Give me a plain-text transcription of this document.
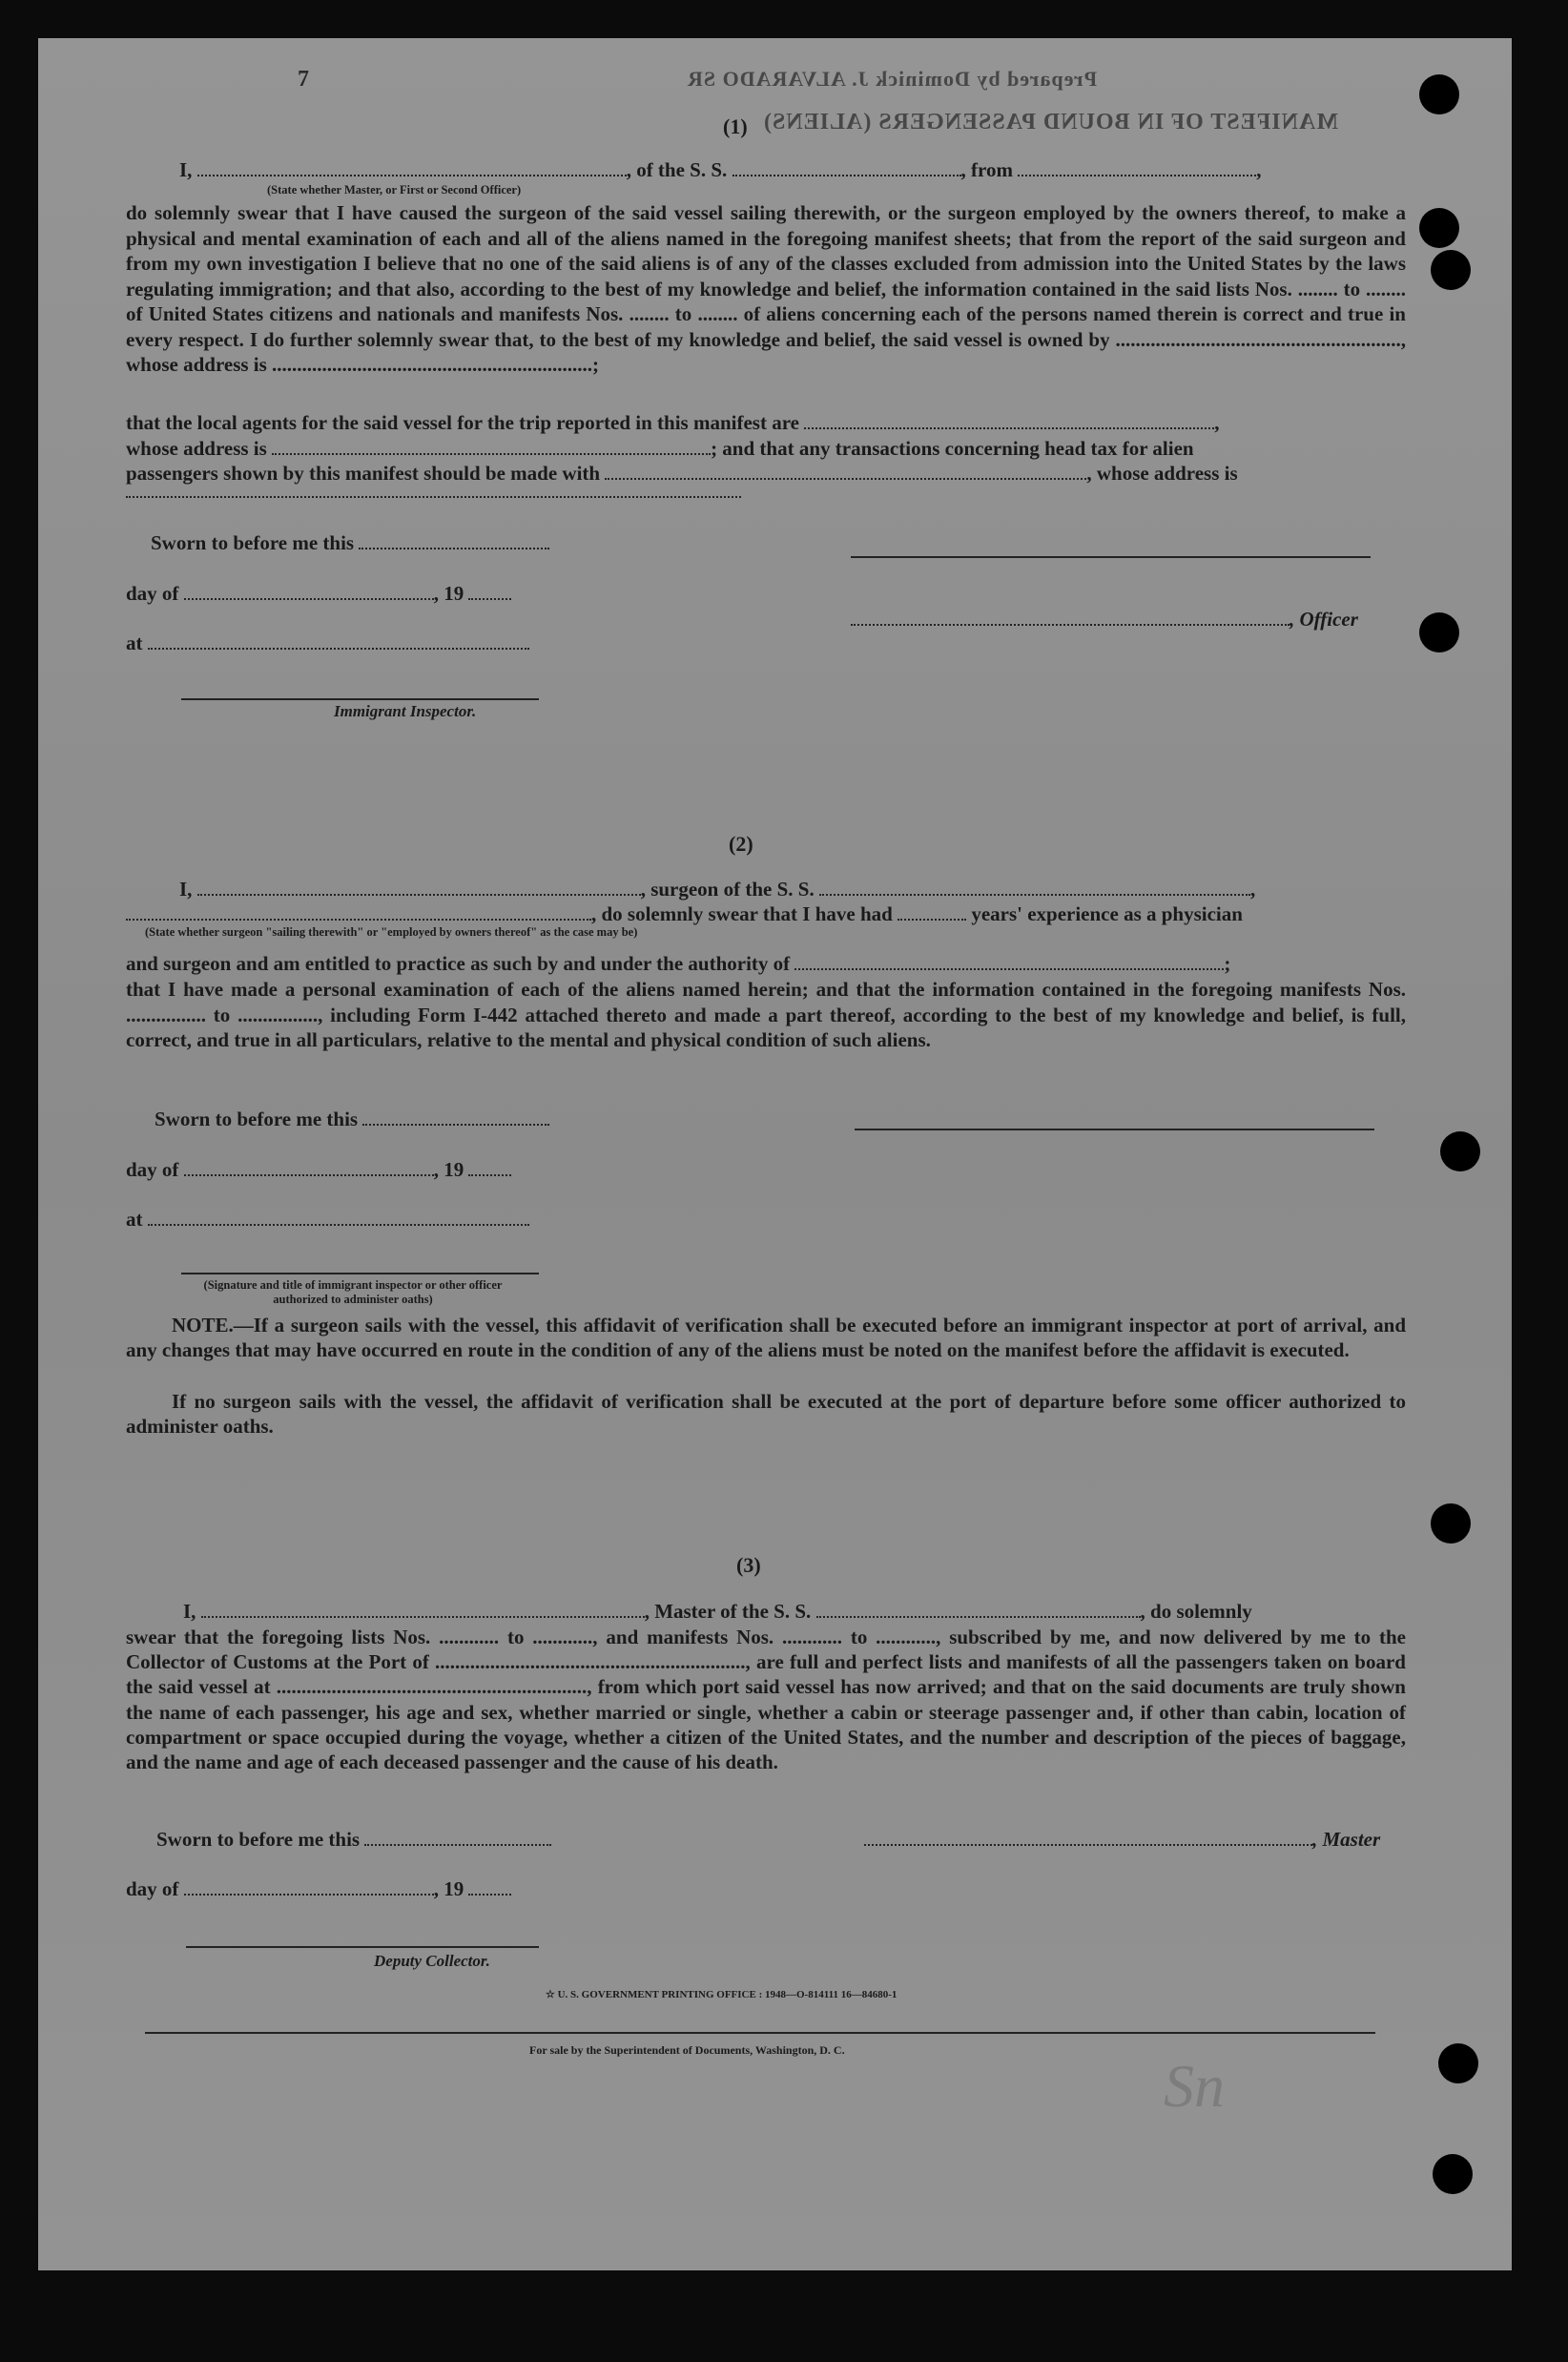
7	Prepared by Dominick J. ALVARADO SR
MANIFEST OF IN BOUND PASSENGERS (ALIENS)
(1)
I,	, of the S. S.	, from	,
(State whether Master, or First or Second Officer)
do solemnly swear that I have caused the surgeon of the said vessel sailing therewith, or the surgeon employed by the owners thereof, to make a physical and mental examination of each and all of the aliens named in the foregoing manifest sheets; that from the report of the said surgeon and from my own investigation I believe that no one of the said aliens is of any of the classes excluded from admission into the United States by the laws regulating immigration; and that also, according to the best of my knowledge and belief, the information contained in the said lists Nos. ........ to ........ of United States citizens and nationals and manifests Nos. ........ to ........ of aliens concerning each of the persons named therein is correct and true in every respect. I do further solemnly swear that, to the best of my knowledge and belief, the said vessel is owned by ........................................................., whose address is ................................................................;
that the local agents for the said vessel for the trip reported in this manifest are	,
whose address is	; and that any transactions concerning head tax for alien
passengers shown by this manifest should be made with	, whose address is
Sworn to before me this
day of	, 19
, Officer
at
Immigrant Inspector.
(2)
I,	, surgeon of the S. S.	,
, do solemnly swear that I have had	years' experience as a physician
(State whether surgeon "sailing therewith" or "employed by owners thereof" as the case may be)
and surgeon and am entitled to practice as such by and under the authority of	;
that I have made a personal examination of each of the aliens named herein; and that the information contained in the foregoing manifests Nos. ................ to ................, including Form I-442 attached thereto and made a part thereof, according to the best of my knowledge and belief, is full, correct, and true in all particulars, relative to the mental and physical condition of such aliens.
Sworn to before me this
day of	, 19
at
(Signature and title of immigrant inspector or other officer authorized to administer oaths)
NOTE.—If a surgeon sails with the vessel, this affidavit of verification shall be executed before an immigrant inspector at port of arrival, and any changes that may have occurred en route in the condition of any of the aliens must be noted on the manifest before the affidavit is executed.
If no surgeon sails with the vessel, the affidavit of verification shall be executed at the port of departure before some officer authorized to administer oaths.
(3)
I,	, Master of the S. S.	, do solemnly
swear that the foregoing lists Nos. ............ to ............, and manifests Nos. ............ to ............, subscribed by me, and now delivered by me to the Collector of Customs at the Port of .............................................................., are full and perfect lists and manifests of all the passengers taken on board the said vessel at .............................................................., from which port said vessel has now arrived; and that on the said documents are truly shown the name of each passenger, his age and sex, whether married or single, whether a cabin or steerage passenger and, if other than cabin, location of compartment or space occupied during the voyage, whether a citizen of the United States, and the number and description of the pieces of baggage, and the name and age of each deceased passenger and the cause of his death.
Sworn to before me this	, Master
day of	, 19
Deputy Collector.
☆ U. S. GOVERNMENT PRINTING OFFICE : 1948—O-814111 16—84680-1
For sale by the Superintendent of Documents, Washington, D. C.
Sn
